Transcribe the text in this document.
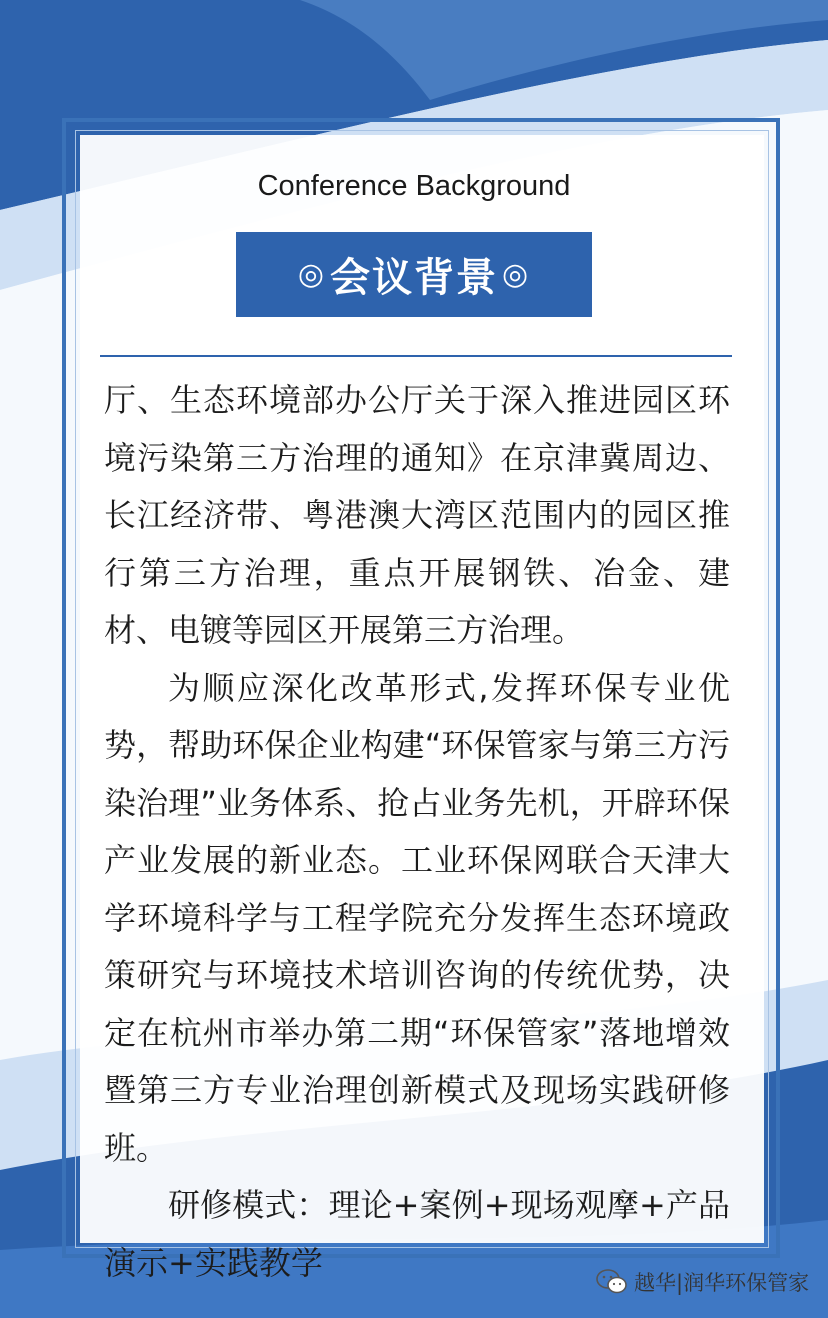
Conference Background
◎ 会议背景 ◎

厅、生态环境部办公厅关于深入推进园区环境污染第三方治理的通知》在京津冀周边、长江经济带、粤港澳大湾区范围内的园区推行第三方治理，重点开展钢铁、冶金、建材、电镀等园区开展第三方治理。

为顺应深化改革形式,发挥环保专业优势，帮助环保企业构建“环保管家与第三方污染治理”业务体系、抢占业务先机，开辟环保产业发展的新业态。工业环保网联合天津大学环境科学与工程学院充分发挥生态环境政策研究与环境技术培训咨询的传统优势，决定在杭州市举办第二期“环保管家”落地增效暨第三方专业治理创新模式及现场实践研修班。

研修模式：理论+案例+现场观摩+产品演示+实践教学

越华|润华环保管家
